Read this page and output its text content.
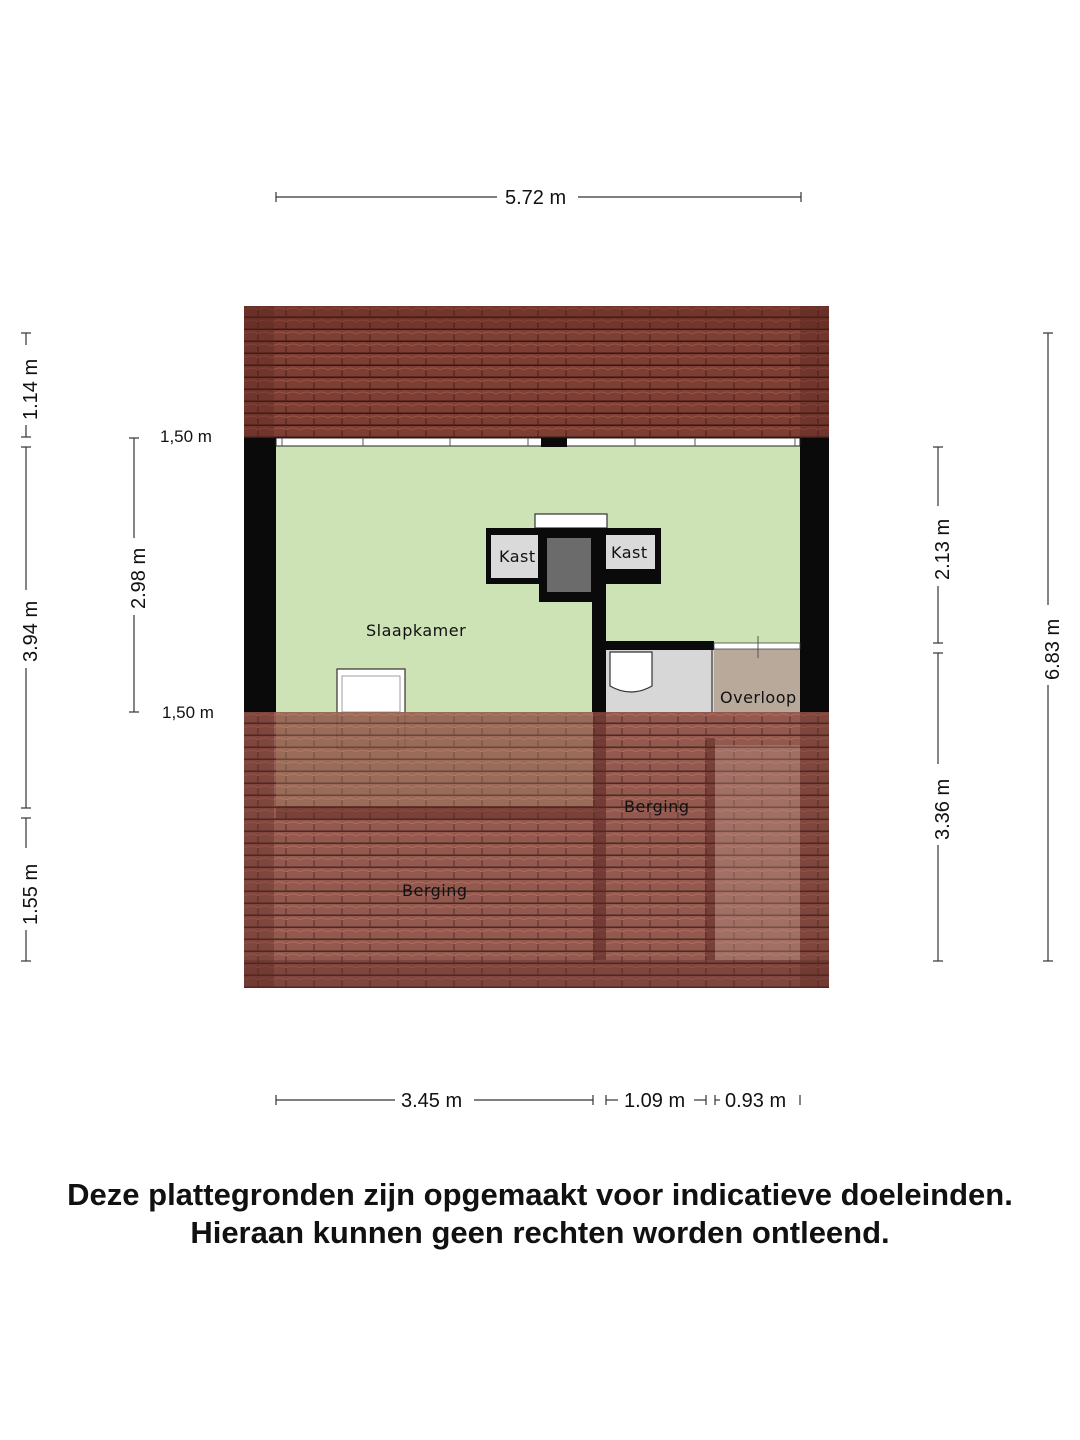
Slaapkamer
Kast	Kast
Overloop
Berging
Berging
1,50 m
1,50 m
5.72 m
3.45 m	1.09 m 0.93 m
1.14 m
3.94 m
1.55 m
2.98 m	2.13 m
3.36 m
6.83 m
Deze plattegronden zijn opgemaakt voor indicatieve doeleinden.
Hieraan kunnen geen rechten worden ontleend.
